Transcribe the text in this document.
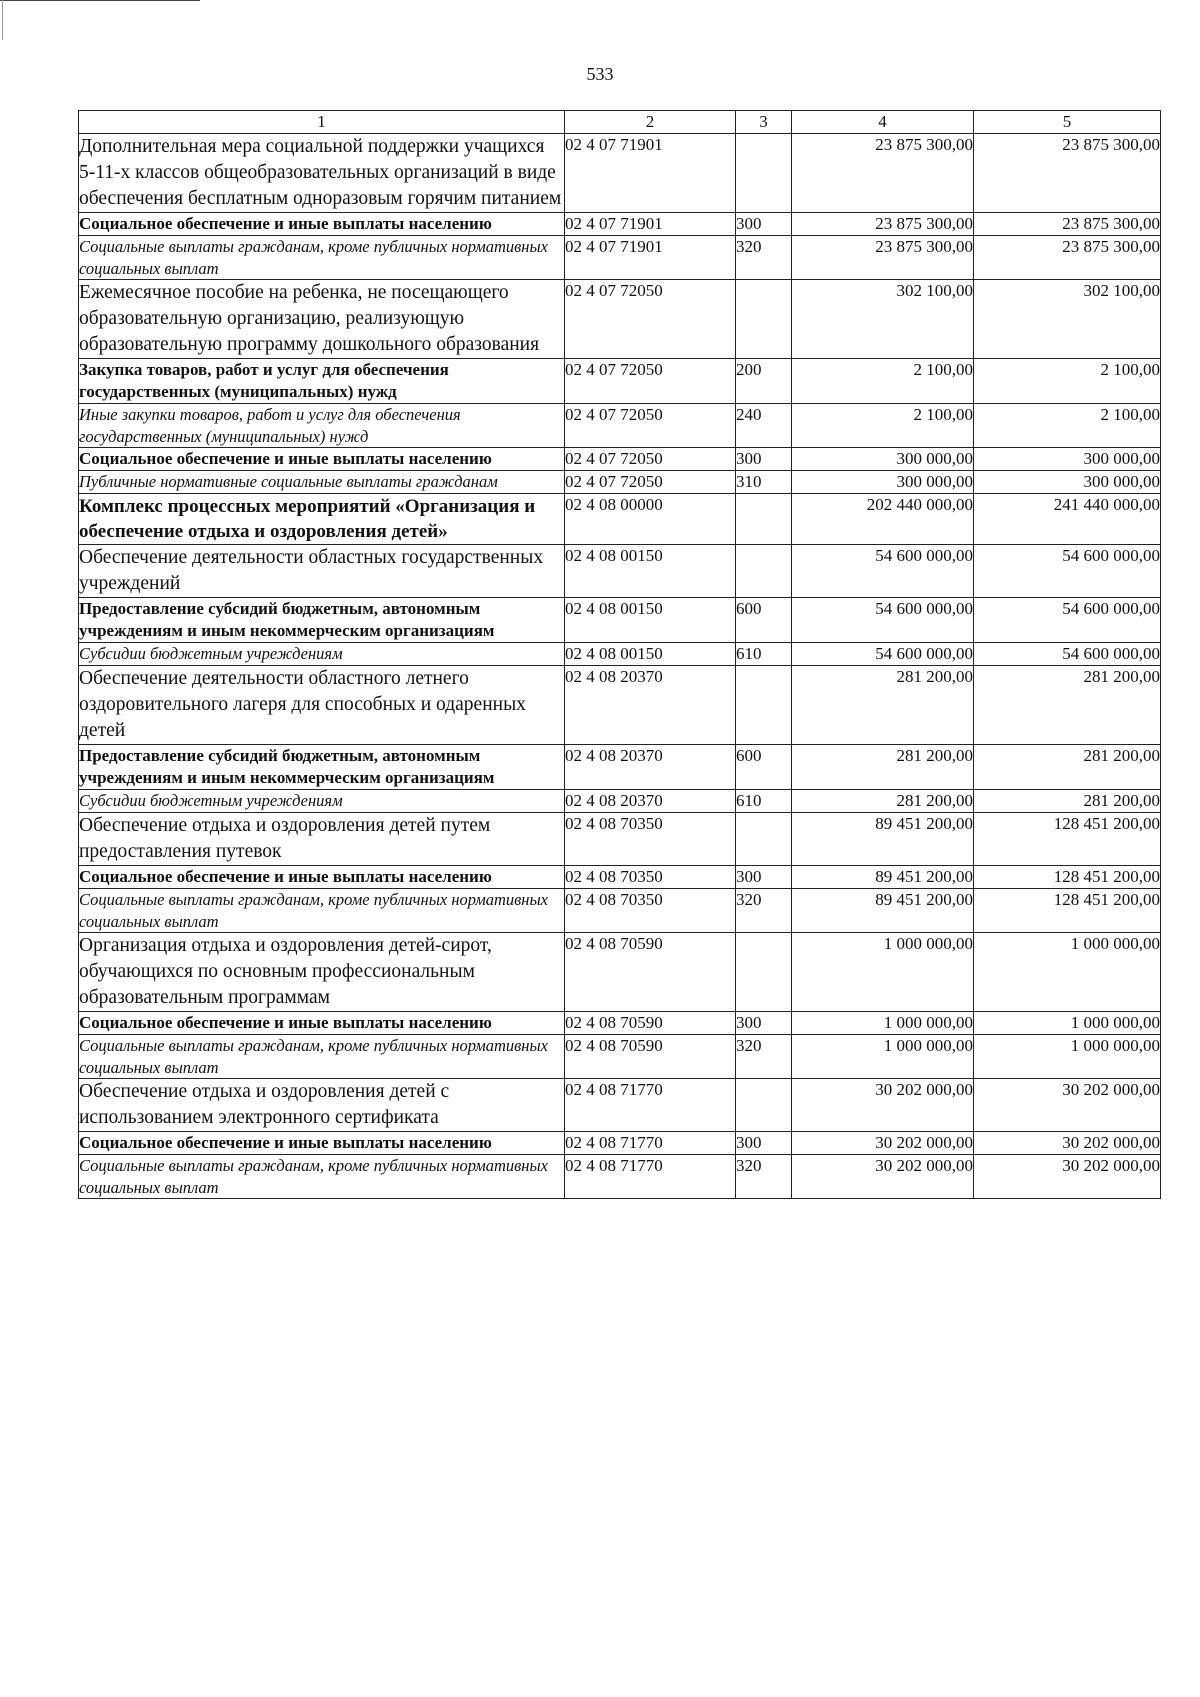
533
1	2	3	4	5
Дополнительная мера социальной поддержки учащихся 5-11-х классов общеобразовательных организаций в виде обеспечения бесплатным одноразовым горячим питанием	02 4 07 71901		23 875 300,00	23 875 300,00
Социальное обеспечение и иные выплаты населению	02 4 07 71901	300	23 875 300,00	23 875 300,00
Социальные выплаты гражданам, кроме публичных нормативных социальных выплат	02 4 07 71901	320	23 875 300,00	23 875 300,00
Ежемесячное пособие на ребенка, не посещающего образовательную организацию, реализующую образовательную программу дошкольного образования	02 4 07 72050		302 100,00	302 100,00
Закупка товаров, работ и услуг для обеспечения государственных (муниципальных) нужд	02 4 07 72050	200	2 100,00	2 100,00
Иные закупки товаров, работ и услуг для обеспечения государственных (муниципальных) нужд	02 4 07 72050	240	2 100,00	2 100,00
Социальное обеспечение и иные выплаты населению	02 4 07 72050	300	300 000,00	300 000,00
Публичные нормативные социальные выплаты гражданам	02 4 07 72050	310	300 000,00	300 000,00
Комплекс процессных мероприятий «Организация и обеспечение отдыха и оздоровления детей»	02 4 08 00000		202 440 000,00	241 440 000,00
Обеспечение деятельности областных государственных учреждений	02 4 08 00150		54 600 000,00	54 600 000,00
Предоставление субсидий бюджетным, автономным учреждениям и иным некоммерческим организациям	02 4 08 00150	600	54 600 000,00	54 600 000,00
Субсидии бюджетным учреждениям	02 4 08 00150	610	54 600 000,00	54 600 000,00
Обеспечение деятельности областного летнего оздоровительного лагеря для способных и одаренных детей	02 4 08 20370		281 200,00	281 200,00
Предоставление субсидий бюджетным, автономным учреждениям и иным некоммерческим организациям	02 4 08 20370	600	281 200,00	281 200,00
Субсидии бюджетным учреждениям	02 4 08 20370	610	281 200,00	281 200,00
Обеспечение отдыха и оздоровления детей путем предоставления путевок	02 4 08 70350		89 451 200,00	128 451 200,00
Социальное обеспечение и иные выплаты населению	02 4 08 70350	300	89 451 200,00	128 451 200,00
Социальные выплаты гражданам, кроме публичных нормативных социальных выплат	02 4 08 70350	320	89 451 200,00	128 451 200,00
Организация отдыха и оздоровления детей-сирот, обучающихся по основным профессиональным образовательным программам	02 4 08 70590		1 000 000,00	1 000 000,00
Социальное обеспечение и иные выплаты населению	02 4 08 70590	300	1 000 000,00	1 000 000,00
Социальные выплаты гражданам, кроме публичных нормативных социальных выплат	02 4 08 70590	320	1 000 000,00	1 000 000,00
Обеспечение отдыха и оздоровления детей с использованием электронного сертификата	02 4 08 71770		30 202 000,00	30 202 000,00
Социальное обеспечение и иные выплаты населению	02 4 08 71770	300	30 202 000,00	30 202 000,00
Социальные выплаты гражданам, кроме публичных нормативных социальных выплат	02 4 08 71770	320	30 202 000,00	30 202 000,00
